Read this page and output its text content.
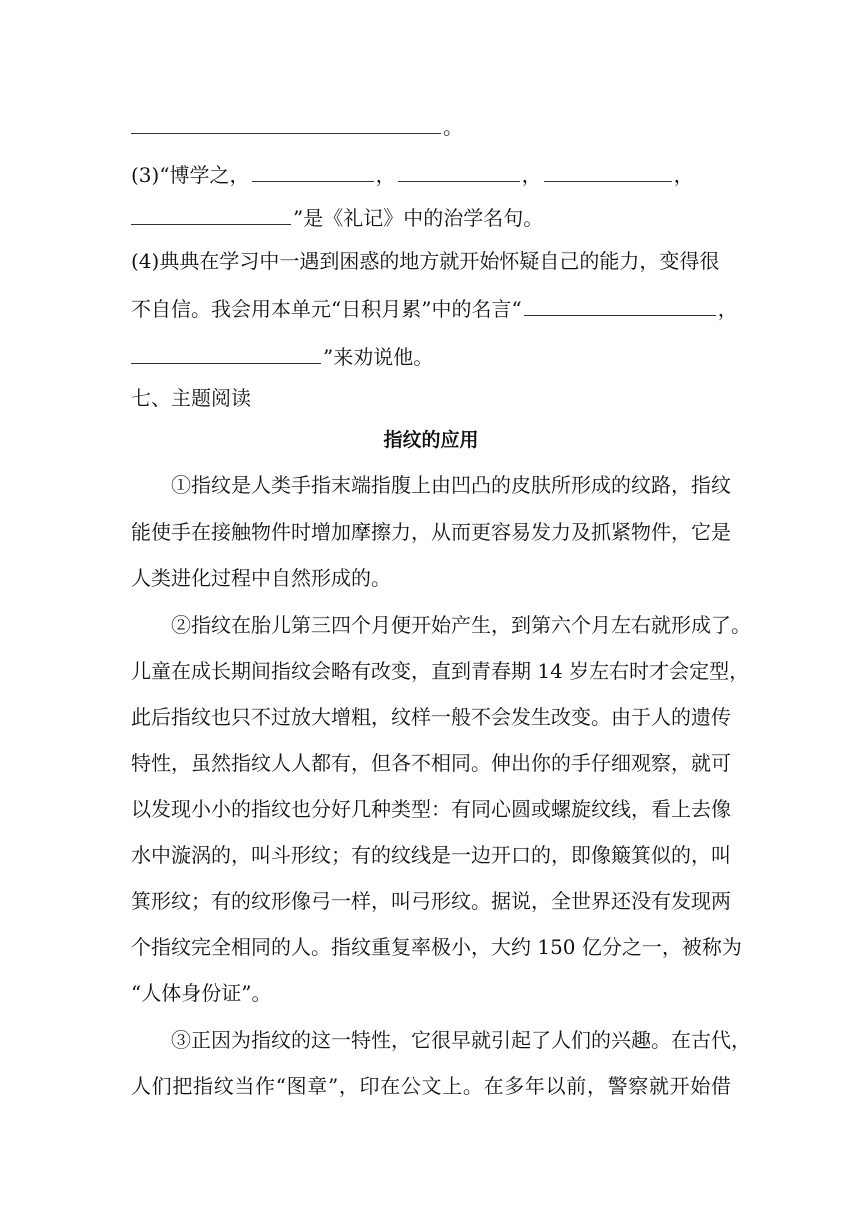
。
(3)“博学之，	，	，	，
”是《礼记》中的治学名句。
(4)典典在学习中一遇到困惑的地方就开始怀疑自己的能力，变得很
不自信。我会用本单元“日积月累”中的名言“	，
”来劝说他。
七、主题阅读
指纹的应用
①指纹是人类手指末端指腹上由凹凸的皮肤所形成的纹路，指纹
能使手在接触物件时增加摩擦力，从而更容易发力及抓紧物件，它是
人类进化过程中自然形成的。
②指纹在胎儿第三四个月便开始产生，到第六个月左右就形成了。
儿童在成长期间指纹会略有改变，直到青春期 14 岁左右时才会定型，
此后指纹也只不过放大增粗，纹样一般不会发生改变。由于人的遗传
特性，虽然指纹人人都有，但各不相同。伸出你的手仔细观察，就可
以发现小小的指纹也分好几种类型：有同心圆或螺旋纹线，看上去像
水中漩涡的，叫斗形纹；有的纹线是一边开口的，即像簸箕似的，叫
箕形纹；有的纹形像弓一样，叫弓形纹。据说，全世界还没有发现两
个指纹完全相同的人。指纹重复率极小，大约 150 亿分之一，被称为
“人体身份证”。
③正因为指纹的这一特性，它很早就引起了人们的兴趣。在古代，
人们把指纹当作“图章”，印在公文上。在多年以前，警察就开始借
